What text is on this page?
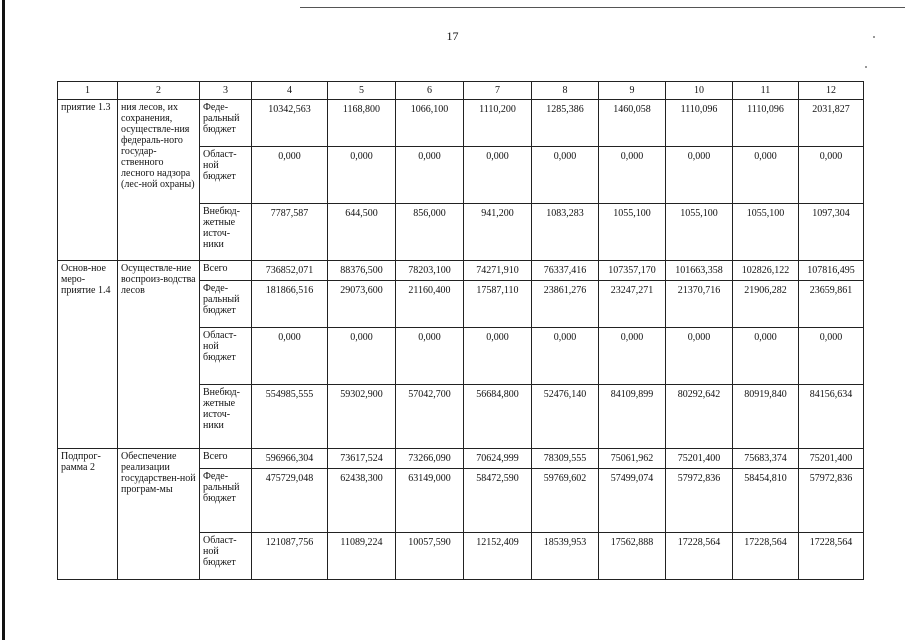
17
1	2	3	4	5	6	7	8	9	10	11	12
приятие 1.3	ния лесов, их сохранения, осуществле-ния федераль-ного государ-ственного лесного надзора (лес-ной охраны)	Феде-ральный бюджет	10342,563	1168,800	1066,100	1110,200	1285,386	1460,058	1110,096	1110,096	2031,827
		Област-ной бюджет	0,000	0,000	0,000	0,000	0,000	0,000	0,000	0,000	0,000
		Внебюд-жетные источ-ники	7787,587	644,500	856,000	941,200	1083,283	1055,100	1055,100	1055,100	1097,304
Основ-ное меро-приятие 1.4	Осуществле-ние воспроиз-водства лесов	Всего	736852,071	88376,500	78203,100	74271,910	76337,416	107357,170	101663,358	102826,122	107816,495
		Феде-ральный бюджет	181866,516	29073,600	21160,400	17587,110	23861,276	23247,271	21370,716	21906,282	23659,861
		Област-ной бюджет	0,000	0,000	0,000	0,000	0,000	0,000	0,000	0,000	0,000
		Внебюд-жетные источ-ники	554985,555	59302,900	57042,700	56684,800	52476,140	84109,899	80292,642	80919,840	84156,634
Подпрог-рамма 2	Обеспечение реализации государствен-ной програм-мы	Всего	596966,304	73617,524	73266,090	70624,999	78309,555	75061,962	75201,400	75683,374	75201,400
		Феде-ральный бюджет	475729,048	62438,300	63149,000	58472,590	59769,602	57499,074	57972,836	58454,810	57972,836
		Област-ной бюджет	121087,756	11089,224	10057,590	12152,409	18539,953	17562,888	17228,564	17228,564	17228,564
